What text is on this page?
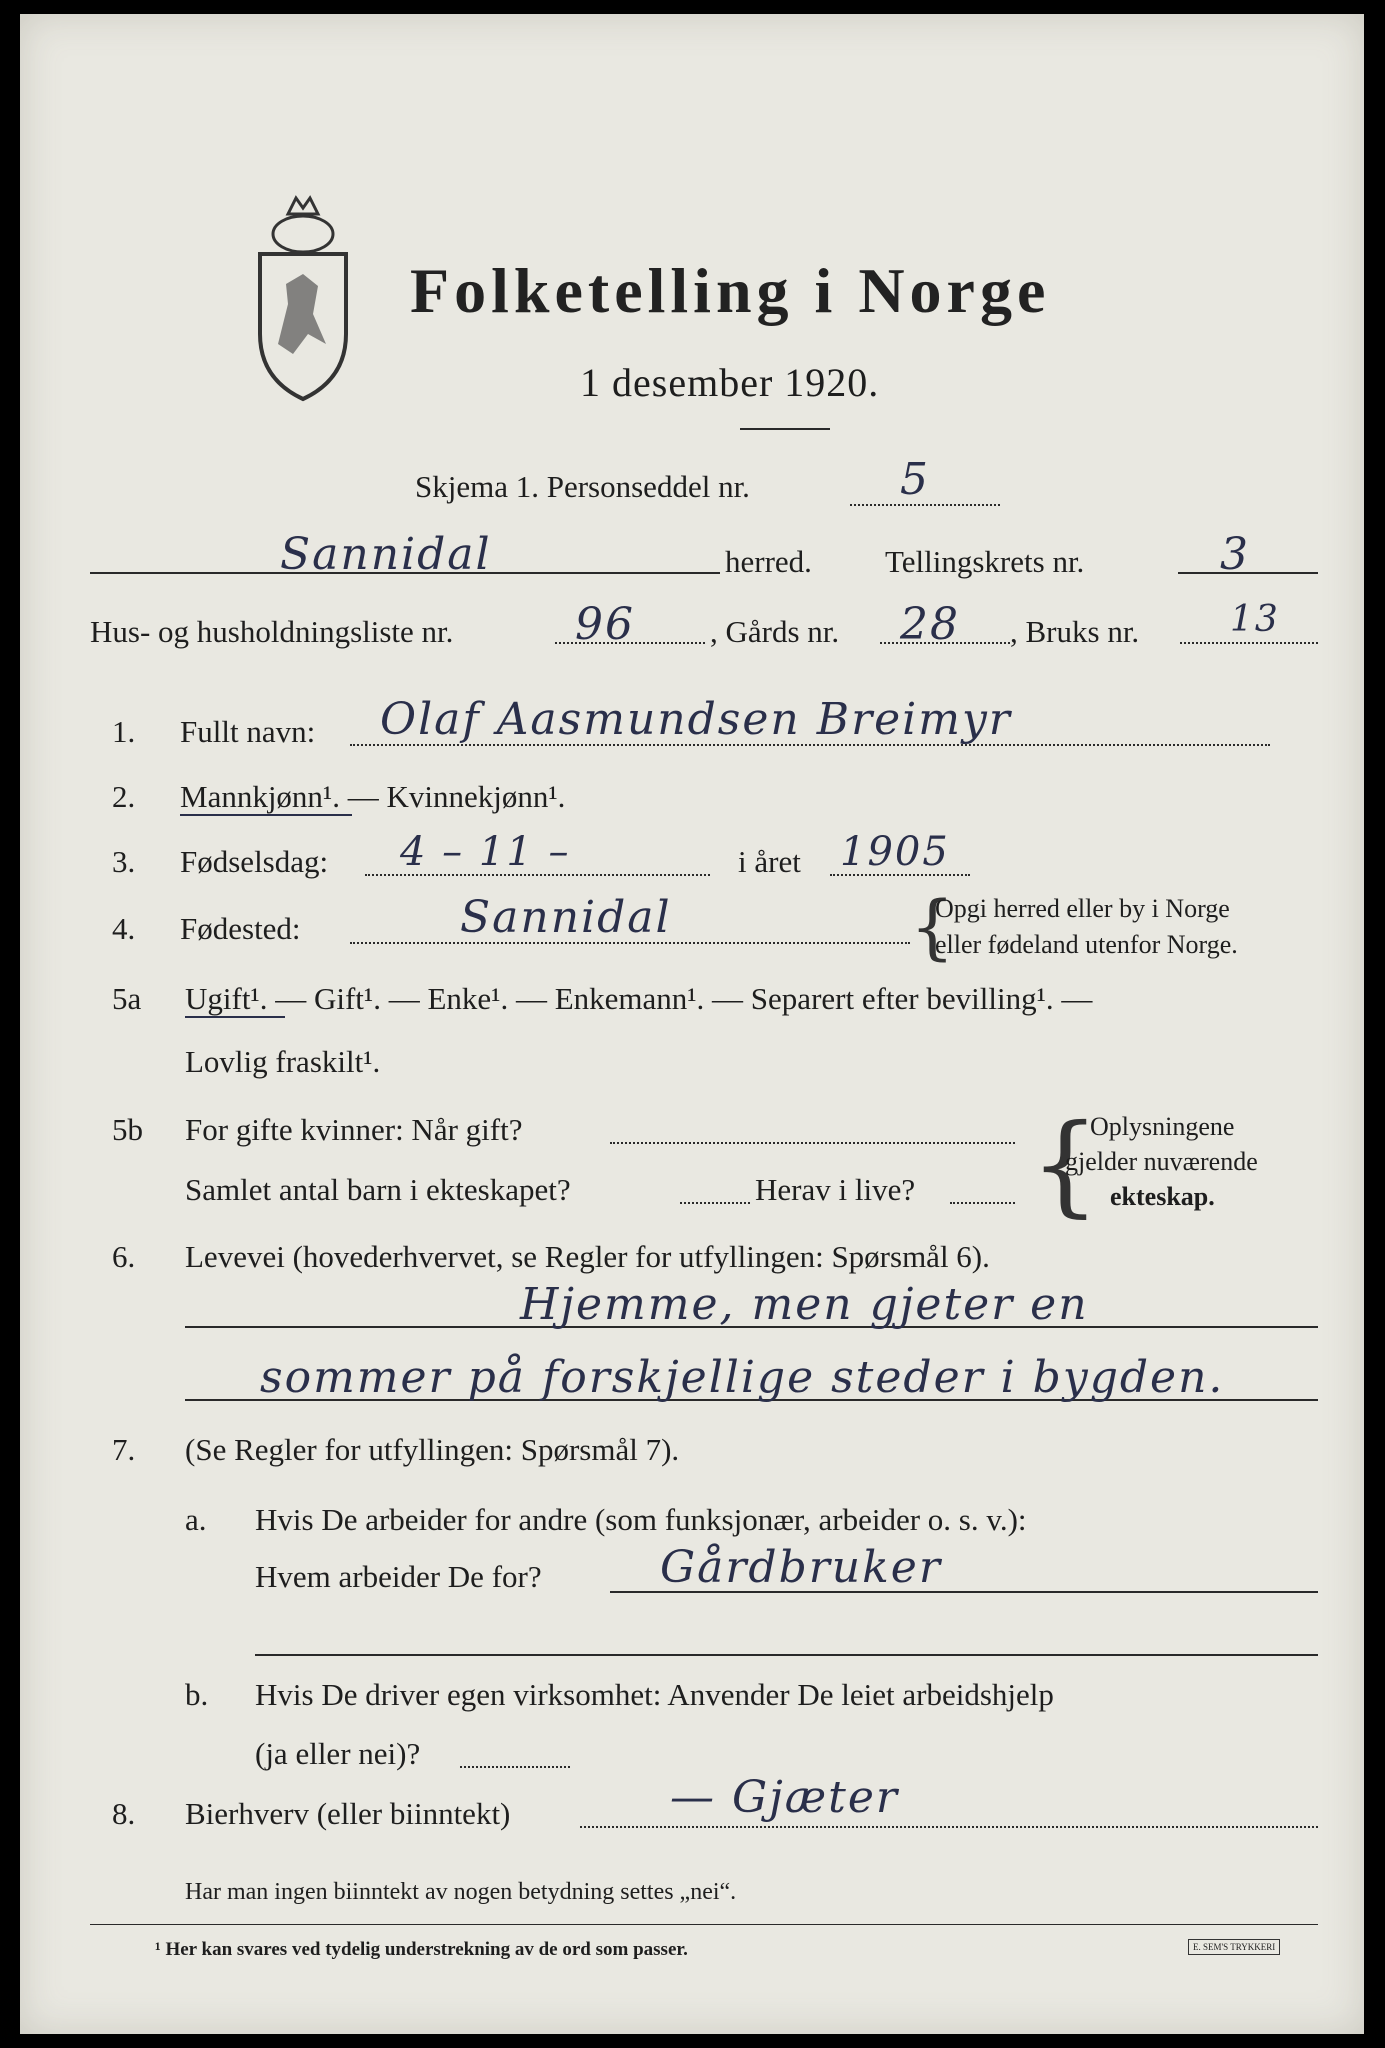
Folketelling i Norge
1 desember 1920.
Skjema 1. Personseddel nr.	5
Sannidal	herred. Tellingskrets nr.	3
Hus- og husholdningsliste nr.	96 , Gårds nr. 28 , Bruks nr.	13
1. Fullt navn: Olaf Aasmundsen Breimyr
2. Mannkjønn¹. — Kvinnekjønn¹.
3. Fødselsdag: 4 – 11 –	i året 1905
4. Fødested:	Sannidal	{
Opgi herred eller by i Norge
eller fødeland utenfor Norge.
5a Ugift¹. — Gift¹. — Enke¹. — Enkemann¹. — Separert efter bevilling¹. —
Lovlig fraskilt¹.
5b For gifte kvinner: Når gift?
Samlet antal barn i ekteskapet?	Herav i live? {
Oplysningene
gjelder nuværende
ekteskap.
6. Levevei (hovederhvervet, se Regler for utfyllingen: Spørsmål 6).
Hjemme, men gjeter en
sommer på forskjellige steder i bygden.
7. (Se Regler for utfyllingen: Spørsmål 7).
a. Hvis De arbeider for andre (som funksjonær, arbeider o. s. v.):
Hvem arbeider De for?	Gårdbruker
b. Hvis De driver egen virksomhet: Anvender De leiet arbeidshjelp
(ja eller nei)?
8. Bierhverv (eller biinntekt)	— Gjæter
Har man ingen biinntekt av nogen betydning settes „nei“.
¹ Her kan svares ved tydelig understrekning av de ord som passer.	E. SEM'S TRYKKERI
